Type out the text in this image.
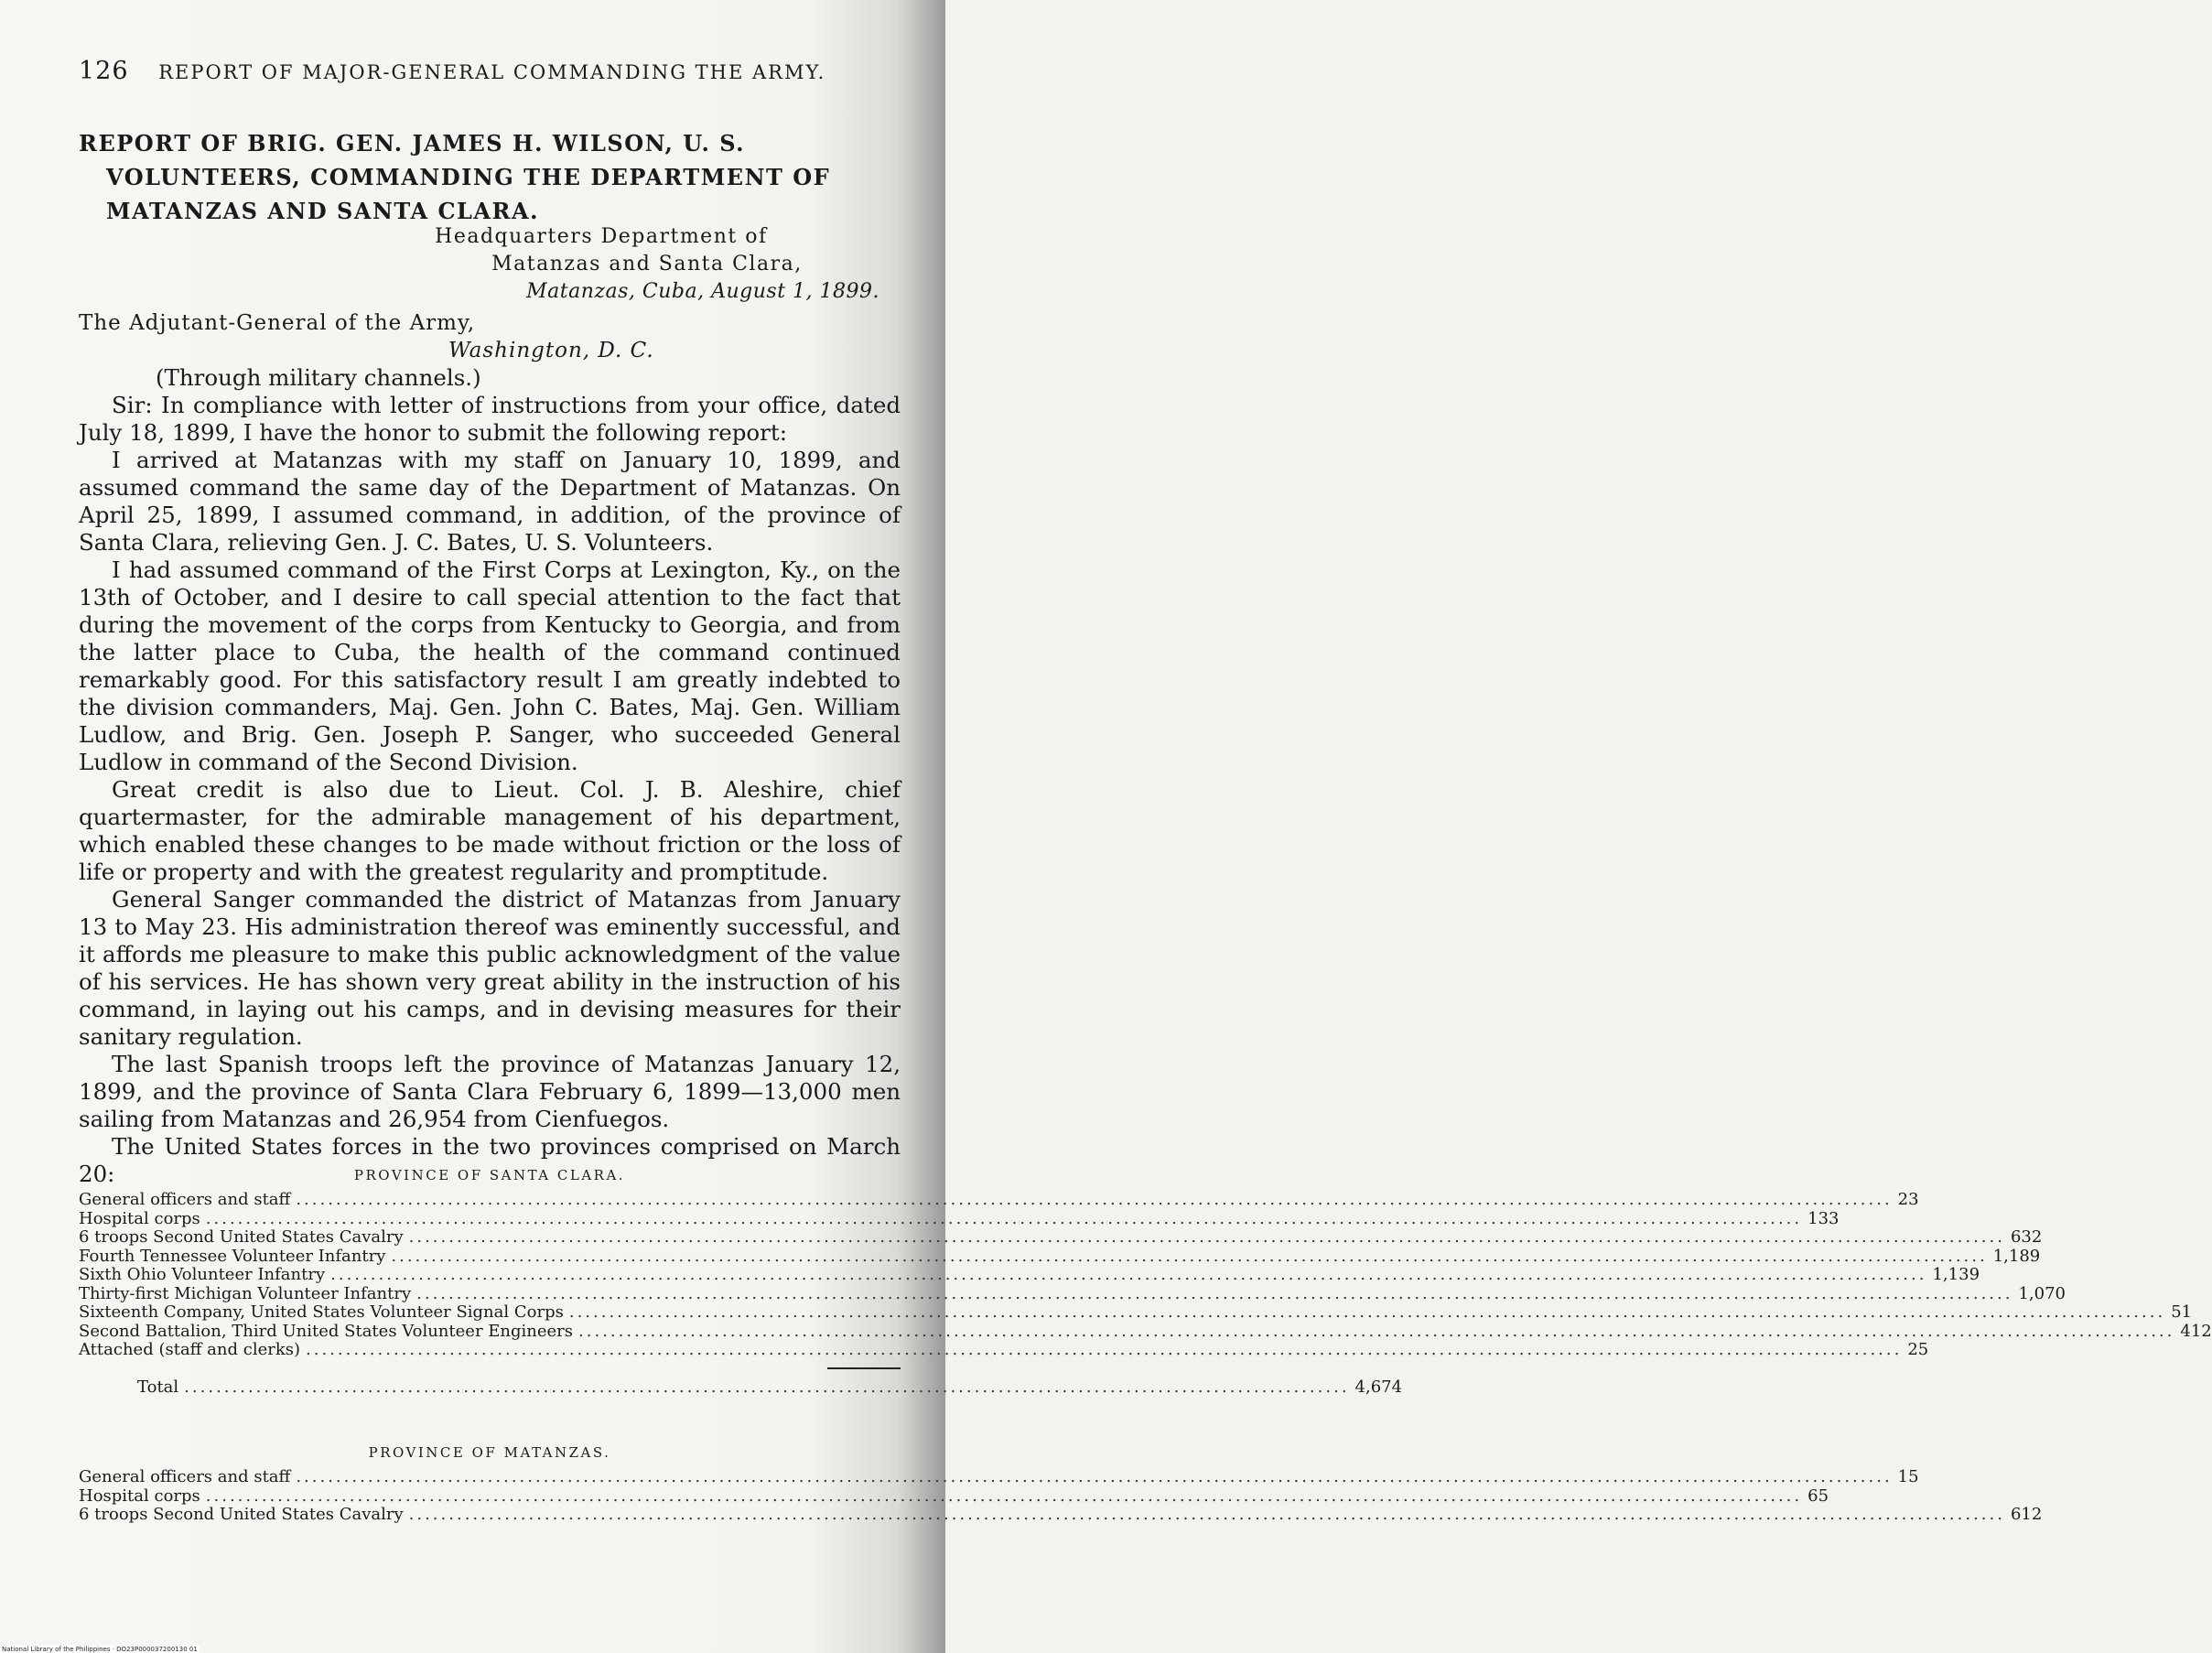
126 REPORT OF MAJOR-GENERAL COMMANDING THE ARMY.
REPORT OF BRIG. GEN. JAMES H. WILSON, U. S. VOLUNTEERS, COMMANDING THE DEPARTMENT OF MATANZAS AND SANTA CLARA.
Headquarters Department of
Matanzas and Santa Clara,
Matanzas, Cuba, August 1, 1899.
The Adjutant-General of the Army,
Washington, D. C.

(Through military channels.)

Sir: In compliance with letter of instructions from your office, dated July 18, 1899, I have the honor to submit the following report:

I arrived at Matanzas with my staff on January 10, 1899, and assumed command the same day of the Department of Matanzas. On April 25, 1899, I assumed command, in addition, of the province of Santa Clara, relieving Gen. J. C. Bates, U. S. Volunteers.

I had assumed command of the First Corps at Lexington, Ky., on the 13th of October, and I desire to call special attention to the fact that during the movement of the corps from Kentucky to Georgia, and from the latter place to Cuba, the health of the command continued remarkably good. For this satisfactory result I am greatly indebted to the division commanders, Maj. Gen. John C. Bates, Maj. Gen. William Ludlow, and Brig. Gen. Joseph P. Sanger, who succeeded General Ludlow in command of the Second Division.

Great credit is also due to Lieut. Col. J. B. Aleshire, chief quartermaster, for the admirable management of his department, which enabled these changes to be made without friction or the loss of life or property and with the greatest regularity and promptitude.

General Sanger commanded the district of Matanzas from January 13 to May 23. His administration thereof was eminently successful, and it affords me pleasure to make this public acknowledgment of the value of his services. He has shown very great ability in the instruction of his command, in laying out his camps, and in devising measures for their sanitary regulation.

The last Spanish troops left the province of Matanzas January 12, 1899, and the province of Santa Clara February 6, 1899—13,000 men sailing from Matanzas and 26,954 from Cienfuegos.

The United States forces in the two provinces comprised on March 20:	PROVINCE OF SANTA CLARA.
General officers and staff ........................................................................................................................................................................................................ 23
Hospital corps ........................................................................................................................................................................................................ 133
6 troops Second United States Cavalry ........................................................................................................................................................................................................ 632
Fourth Tennessee Volunteer Infantry ........................................................................................................................................................................................................ 1,189
Sixth Ohio Volunteer Infantry ........................................................................................................................................................................................................ 1,139
Thirty-first Michigan Volunteer Infantry ........................................................................................................................................................................................................ 1,070
Sixteenth Company, United States Volunteer Signal Corps ........................................................................................................................................................................................................ 51
Second Battalion, Third United States Volunteer Engineers ........................................................................................................................................................................................................ 412
Attached (staff and clerks) ........................................................................................................................................................................................................ 25
Total .................................................................................................................................................. 4,674
PROVINCE OF MATANZAS.
General officers and staff ........................................................................................................................................................................................................ 15
Hospital corps ........................................................................................................................................................................................................ 65
6 troops Second United States Cavalry ........................................................................................................................................................................................................ 612
National Library of the Philippines · DO23P000037200130 01
